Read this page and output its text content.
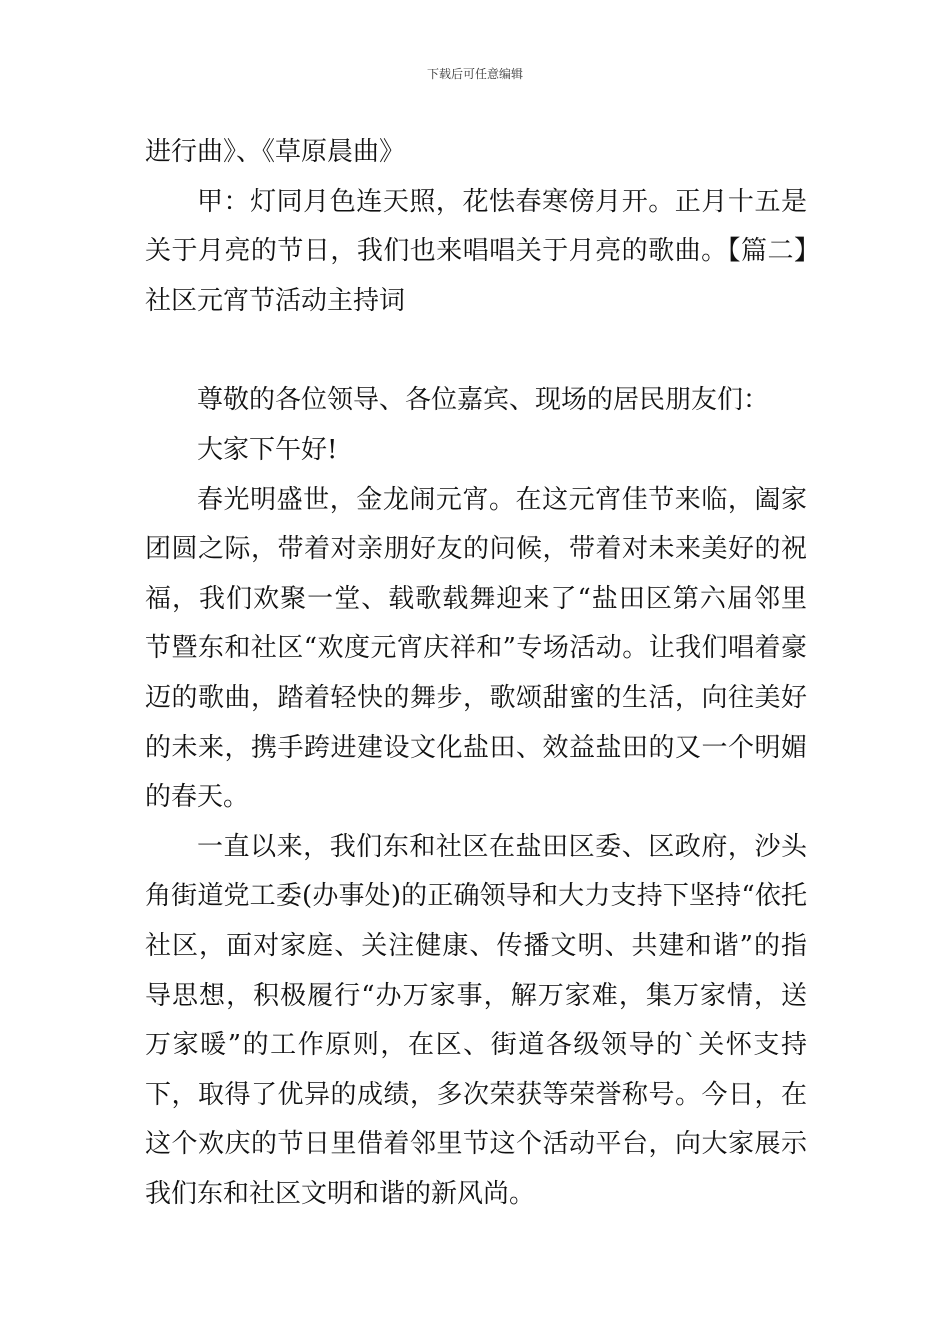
下载后可任意编辑

进行曲》、《草原晨曲》

甲：灯同月色连天照，花怯春寒傍月开。正月十五是关于月亮的节日，我们也来唱唱关于月亮的歌曲。【篇二】社区元宵节活动主持词

尊敬的各位领导、各位嘉宾、现场的居民朋友们：

大家下午好!

春光明盛世，金龙闹元宵。在这元宵佳节来临，阖家团圆之际，带着对亲朋好友的问候，带着对未来美好的祝福，我们欢聚一堂、载歌载舞迎来了“盐田区第六届邻里节暨东和社区“欢度元宵庆祥和”专场活动。让我们唱着豪迈的歌曲，踏着轻快的舞步，歌颂甜蜜的生活，向往美好的未来，携手跨进建设文化盐田、效益盐田的又一个明媚的春天。

一直以来，我们东和社区在盐田区委、区政府，沙头角街道党工委(办事处)的正确领导和大力支持下坚持“依托社区，面对家庭、关注健康、传播文明、共建和谐”的指导思想，积极履行“办万家事，解万家难，集万家情，送万家暖”的工作原则，在区、街道各级领导的`关怀支持下，取得了优异的成绩，多次荣获等荣誉称号。今日，在这个欢庆的节日里借着邻里节这个活动平台，向大家展示我们东和社区文明和谐的新风尚。
